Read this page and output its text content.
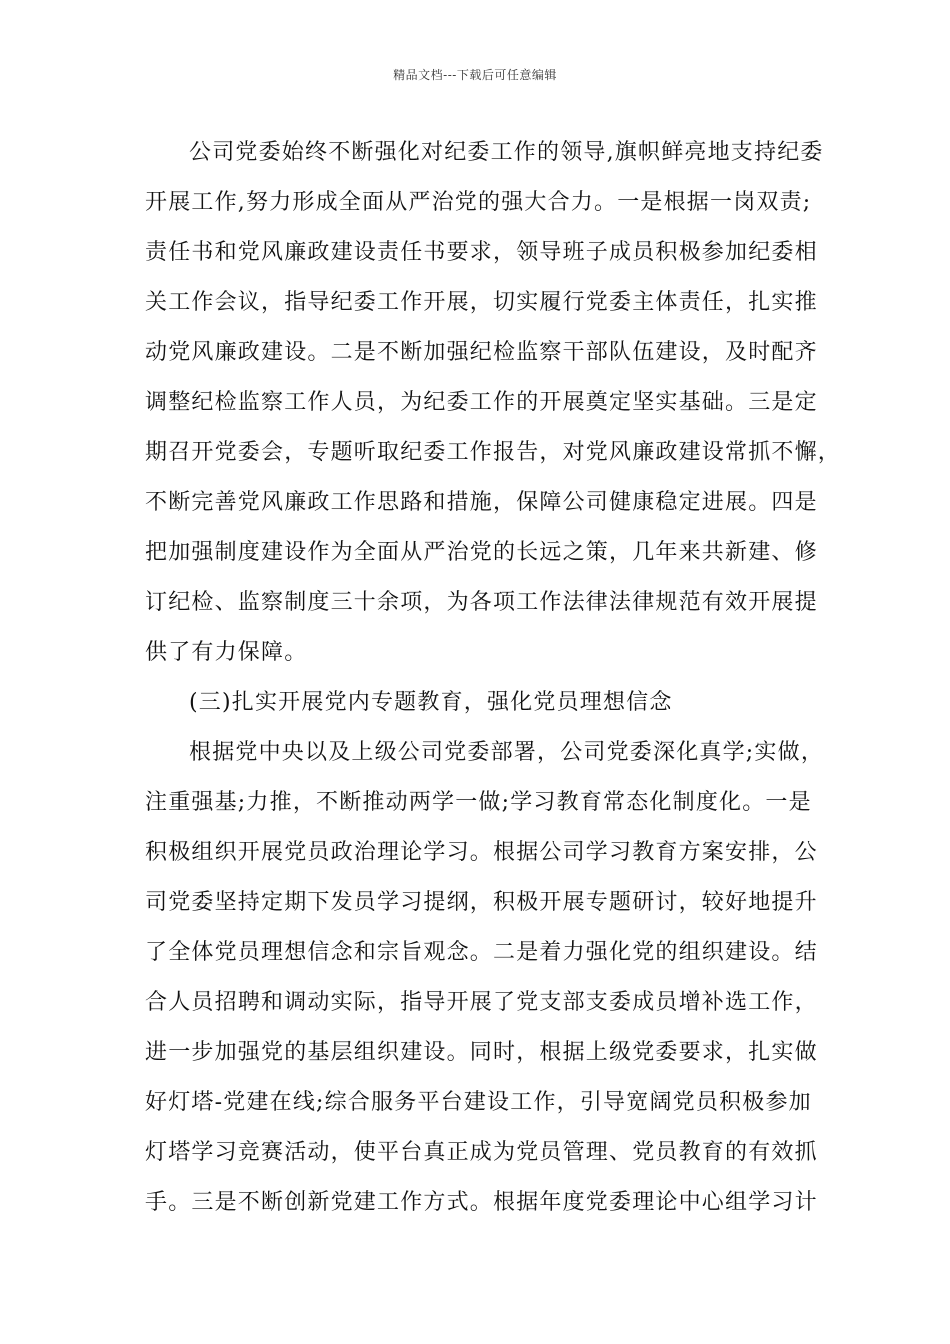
精品文档---下载后可任意编辑
公司党委始终不断强化对纪委工作的领导,旗帜鲜亮地支持纪委
开展工作,努力形成全面从严治党的强大合力。一是根据一岗双责;
责任书和党风廉政建设责任书要求，领导班子成员积极参加纪委相
关工作会议，指导纪委工作开展，切实履行党委主体责任，扎实推
动党风廉政建设。二是不断加强纪检监察干部队伍建设，及时配齐
调整纪检监察工作人员，为纪委工作的开展奠定坚实基础。三是定
期召开党委会，专题听取纪委工作报告，对党风廉政建设常抓不懈，
不断完善党风廉政工作思路和措施，保障公司健康稳定进展。四是
把加强制度建设作为全面从严治党的长远之策，几年来共新建、修
订纪检、监察制度三十余项，为各项工作法律法律规范有效开展提
供了有力保障。
(三)扎实开展党内专题教育，强化党员理想信念
根据党中央以及上级公司党委部署，公司党委深化真学;实做，
注重强基;力推，不断推动两学一做;学习教育常态化制度化。一是
积极组织开展党员政治理论学习。根据公司学习教育方案安排，公
司党委坚持定期下发员学习提纲，积极开展专题研讨，较好地提升
了全体党员理想信念和宗旨观念。二是着力强化党的组织建设。结
合人员招聘和调动实际，指导开展了党支部支委成员增补选工作，
进一步加强党的基层组织建设。同时，根据上级党委要求，扎实做
好灯塔-党建在线;综合服务平台建设工作，引导宽阔党员积极参加
灯塔学习竞赛活动，使平台真正成为党员管理、党员教育的有效抓
手。三是不断创新党建工作方式。根据年度党委理论中心组学习计
